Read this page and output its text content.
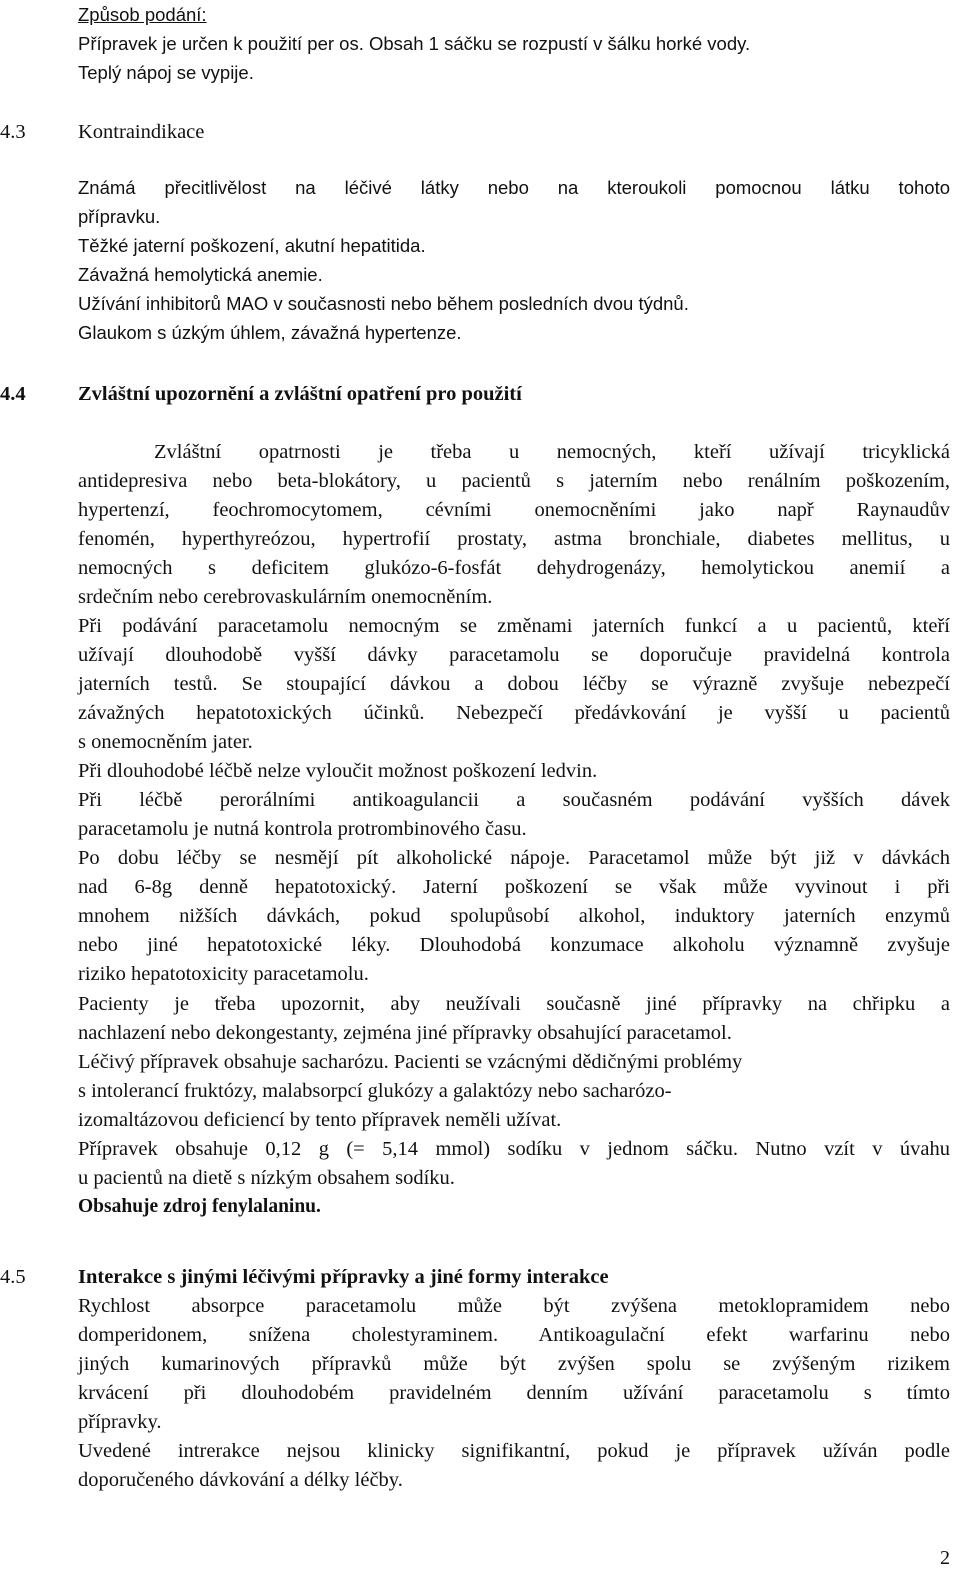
Způsob podání:
Přípravek je určen k použití per os. Obsah 1 sáčku se rozpustí v šálku horké vody.
Teplý nápoj se vypije.
4.3	Kontraindikace
Známá přecitlivělost na léčivé látky nebo na kteroukoli pomocnou látku tohoto
přípravku.
Těžké jaterní poškození, akutní hepatitida.
Závažná hemolytická anemie.
Užívání inhibitorů MAO v současnosti nebo během posledních dvou týdnů.
Glaukom s úzkým úhlem, závažná hypertenze.
4.4	Zvláštní upozornění a zvláštní opatření pro použití
Zvláštní opatrnosti je třeba u nemocných, kteří užívají tricyklická
antidepresiva nebo beta-blokátory, u pacientů s jaterním nebo renálním poškozením,
hypertenzí, feochromocytomem, cévními onemocněními jako např Raynaudův
fenomén, hyperthyreózou, hypertrofií prostaty, astma bronchiale, diabetes mellitus, u
nemocných s deficitem glukózo-6-fosfát dehydrogenázy, hemolytickou anemií a
srdečním nebo cerebrovaskulárním onemocněním.
Při podávání paracetamolu nemocným se změnami jaterních funkcí a u pacientů, kteří
užívají dlouhodobě vyšší dávky paracetamolu se doporučuje pravidelná kontrola
jaterních testů. Se stoupající dávkou a dobou léčby se výrazně zvyšuje nebezpečí
závažných hepatotoxických účinků. Nebezpečí předávkování je vyšší u pacientů
s onemocněním jater.
Při dlouhodobé léčbě nelze vyloučit možnost poškození ledvin.
Při léčbě perorálními antikoagulancii a současném podávání vyšších dávek
paracetamolu je nutná kontrola protrombinového času.
Po dobu léčby se nesmějí pít alkoholické nápoje. Paracetamol může být již v dávkách
nad 6-8g denně hepatotoxický. Jaterní poškození se však může vyvinout i při
mnohem nižších dávkách, pokud spolupůsobí alkohol, induktory jaterních enzymů
nebo jiné hepatotoxické léky. Dlouhodobá konzumace alkoholu významně zvyšuje
riziko hepatotoxicity paracetamolu.
Pacienty je třeba upozornit, aby neužívali současně jiné přípravky na chřipku a
nachlazení nebo dekongestanty, zejména jiné přípravky obsahující paracetamol.
Léčivý přípravek obsahuje sacharózu. Pacienti se vzácnými dědičnými problémy
s intolerancí fruktózy, malabsorpcí glukózy a galaktózy nebo sacharózo-
izomaltázovou deficiencí by tento přípravek neměli užívat.
Přípravek obsahuje 0,12 g (= 5,14 mmol) sodíku v jednom sáčku. Nutno vzít v úvahu
u pacientů na dietě s nízkým obsahem sodíku.
Obsahuje zdroj fenylalaninu.
4.5	Interakce s jinými léčivými přípravky a jiné formy interakce
Rychlost absorpce paracetamolu může být zvýšena metoklopramidem nebo
domperidonem, snížena cholestyraminem. Antikoagulační efekt warfarinu nebo
jiných kumarinových přípravků může být zvýšen spolu se zvýšeným rizikem
krvácení při dlouhodobém pravidelném denním užívání paracetamolu s tímto
přípravky.
Uvedené intrerakce nejsou klinicky signifikantní, pokud je přípravek užíván podle
doporučeného dávkování a délky léčby.
2
